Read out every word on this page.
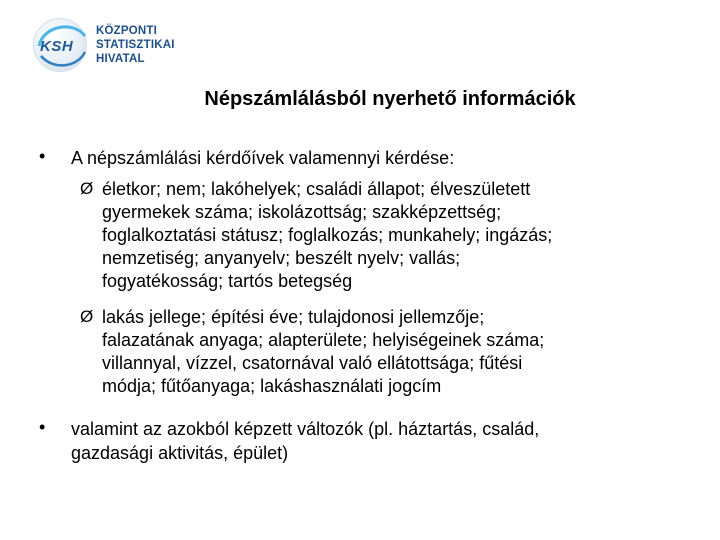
KSH
KÖZPONTI
STATISZTIKAI
HIVATAL
Népszámlálásból nyerhető információk
• A népszámlálási kérdőívek valamennyi kérdése:
Ø életkor; nem; lakóhelyek; családi állapot; élveszületett
gyermekek száma; iskolázottság; szakképzettség;
foglalkoztatási státusz; foglalkozás; munkahely; ingázás;
nemzetiség; anyanyelv; beszélt nyelv; vallás;
fogyatékosság; tartós betegség
Ø lakás jellege; építési éve; tulajdonosi jellemzője;
falazatának anyaga; alapterülete; helyiségeinek száma;
villannyal, vízzel, csatornával való ellátottsága; fűtési
módja; fűtőanyaga; lakáshasználati jogcím
• valamint az azokból képzett változók (pl. háztartás, család,
gazdasági aktivitás, épület)
